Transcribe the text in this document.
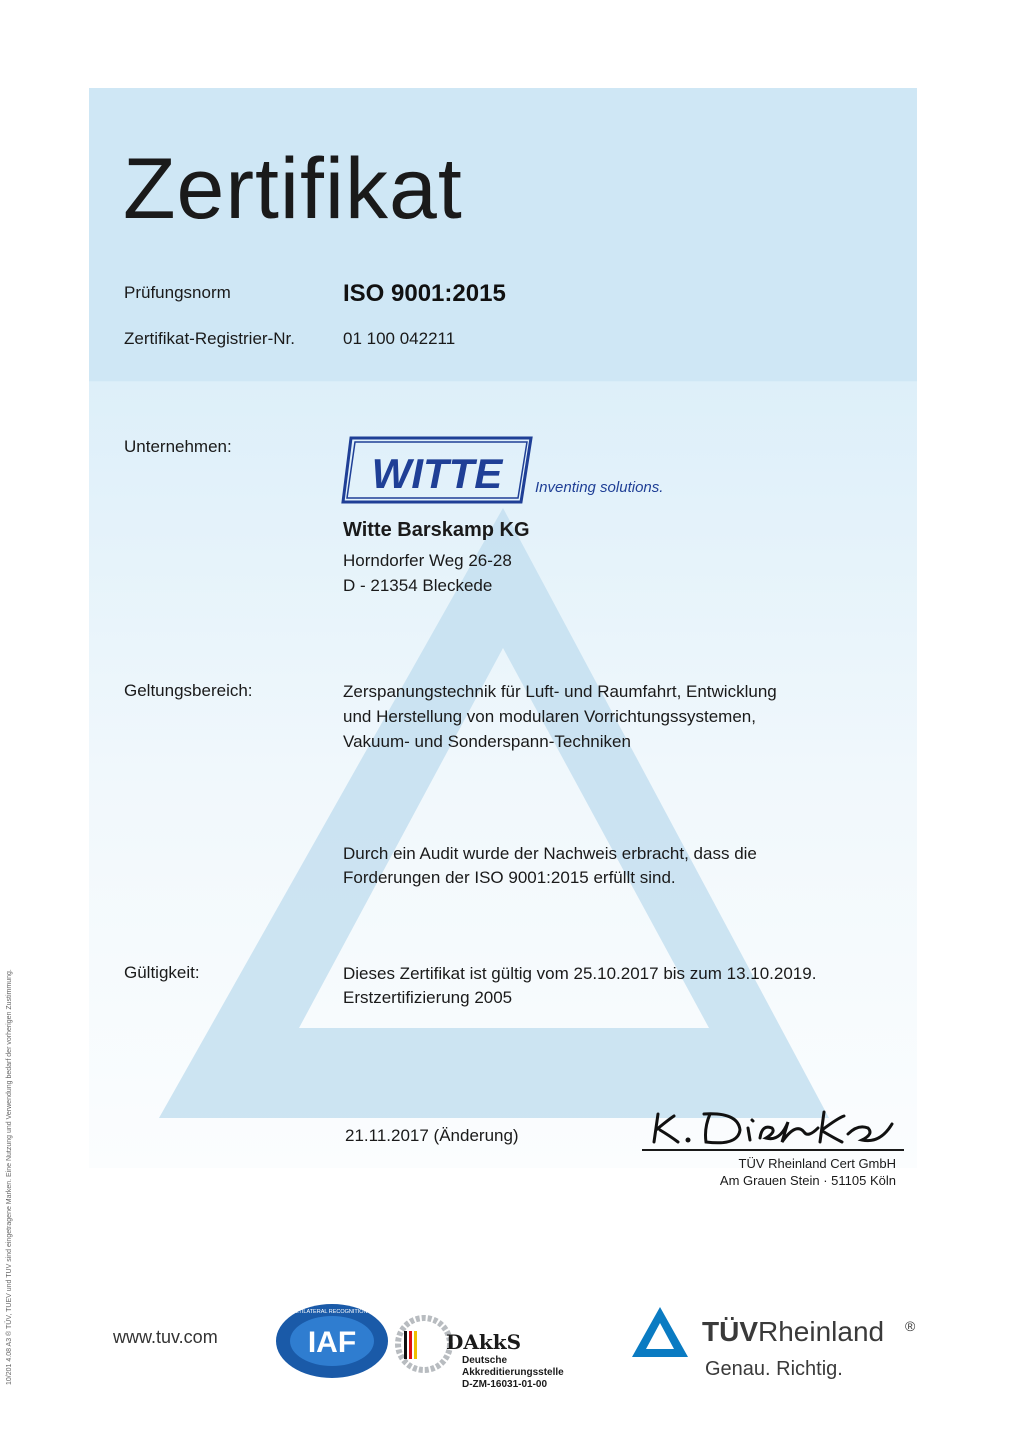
Zertifikat
Prüfungsnorm	ISO 9001:2015
Zertifikat-Registrier-Nr.	01 100 042211
Unternehmen:
WITTE Inventing solutions.
Witte Barskamp KG
Horndorfer Weg 26-28
D - 21354 Bleckede
Geltungsbereich:	Zerspanungstechnik für Luft- und Raumfahrt, Entwicklung
und Herstellung von modularen Vorrichtungssystemen,
Vakuum- und Sonderspann-Techniken
Durch ein Audit wurde der Nachweis erbracht, dass die
Forderungen der ISO 9001:2015 erfüllt sind.
Gültigkeit:	Dieses Zertifikat ist gültig vom 25.10.2017 bis zum 13.10.2019.
Erstzertifizierung 2005
21.11.2017 (Änderung)
TÜV Rheinland Cert GmbH
Am Grauen Stein · 51105 Köln
www.tuv.com	IAF
MEMBER OF MULTILATERAL RECOGNITION ARRANGEMENT
DAkkS
Deutsche
Akkreditierungsstelle
D-ZM-16031-01-00
TÜVRheinland ®
Genau. Richtig.
10/201 4.08 A3 ® TÜV, TUEV und TUV sind eingetragene Marken. Eine Nutzung und Verwendung bedarf der vorherigen Zustimmung.
